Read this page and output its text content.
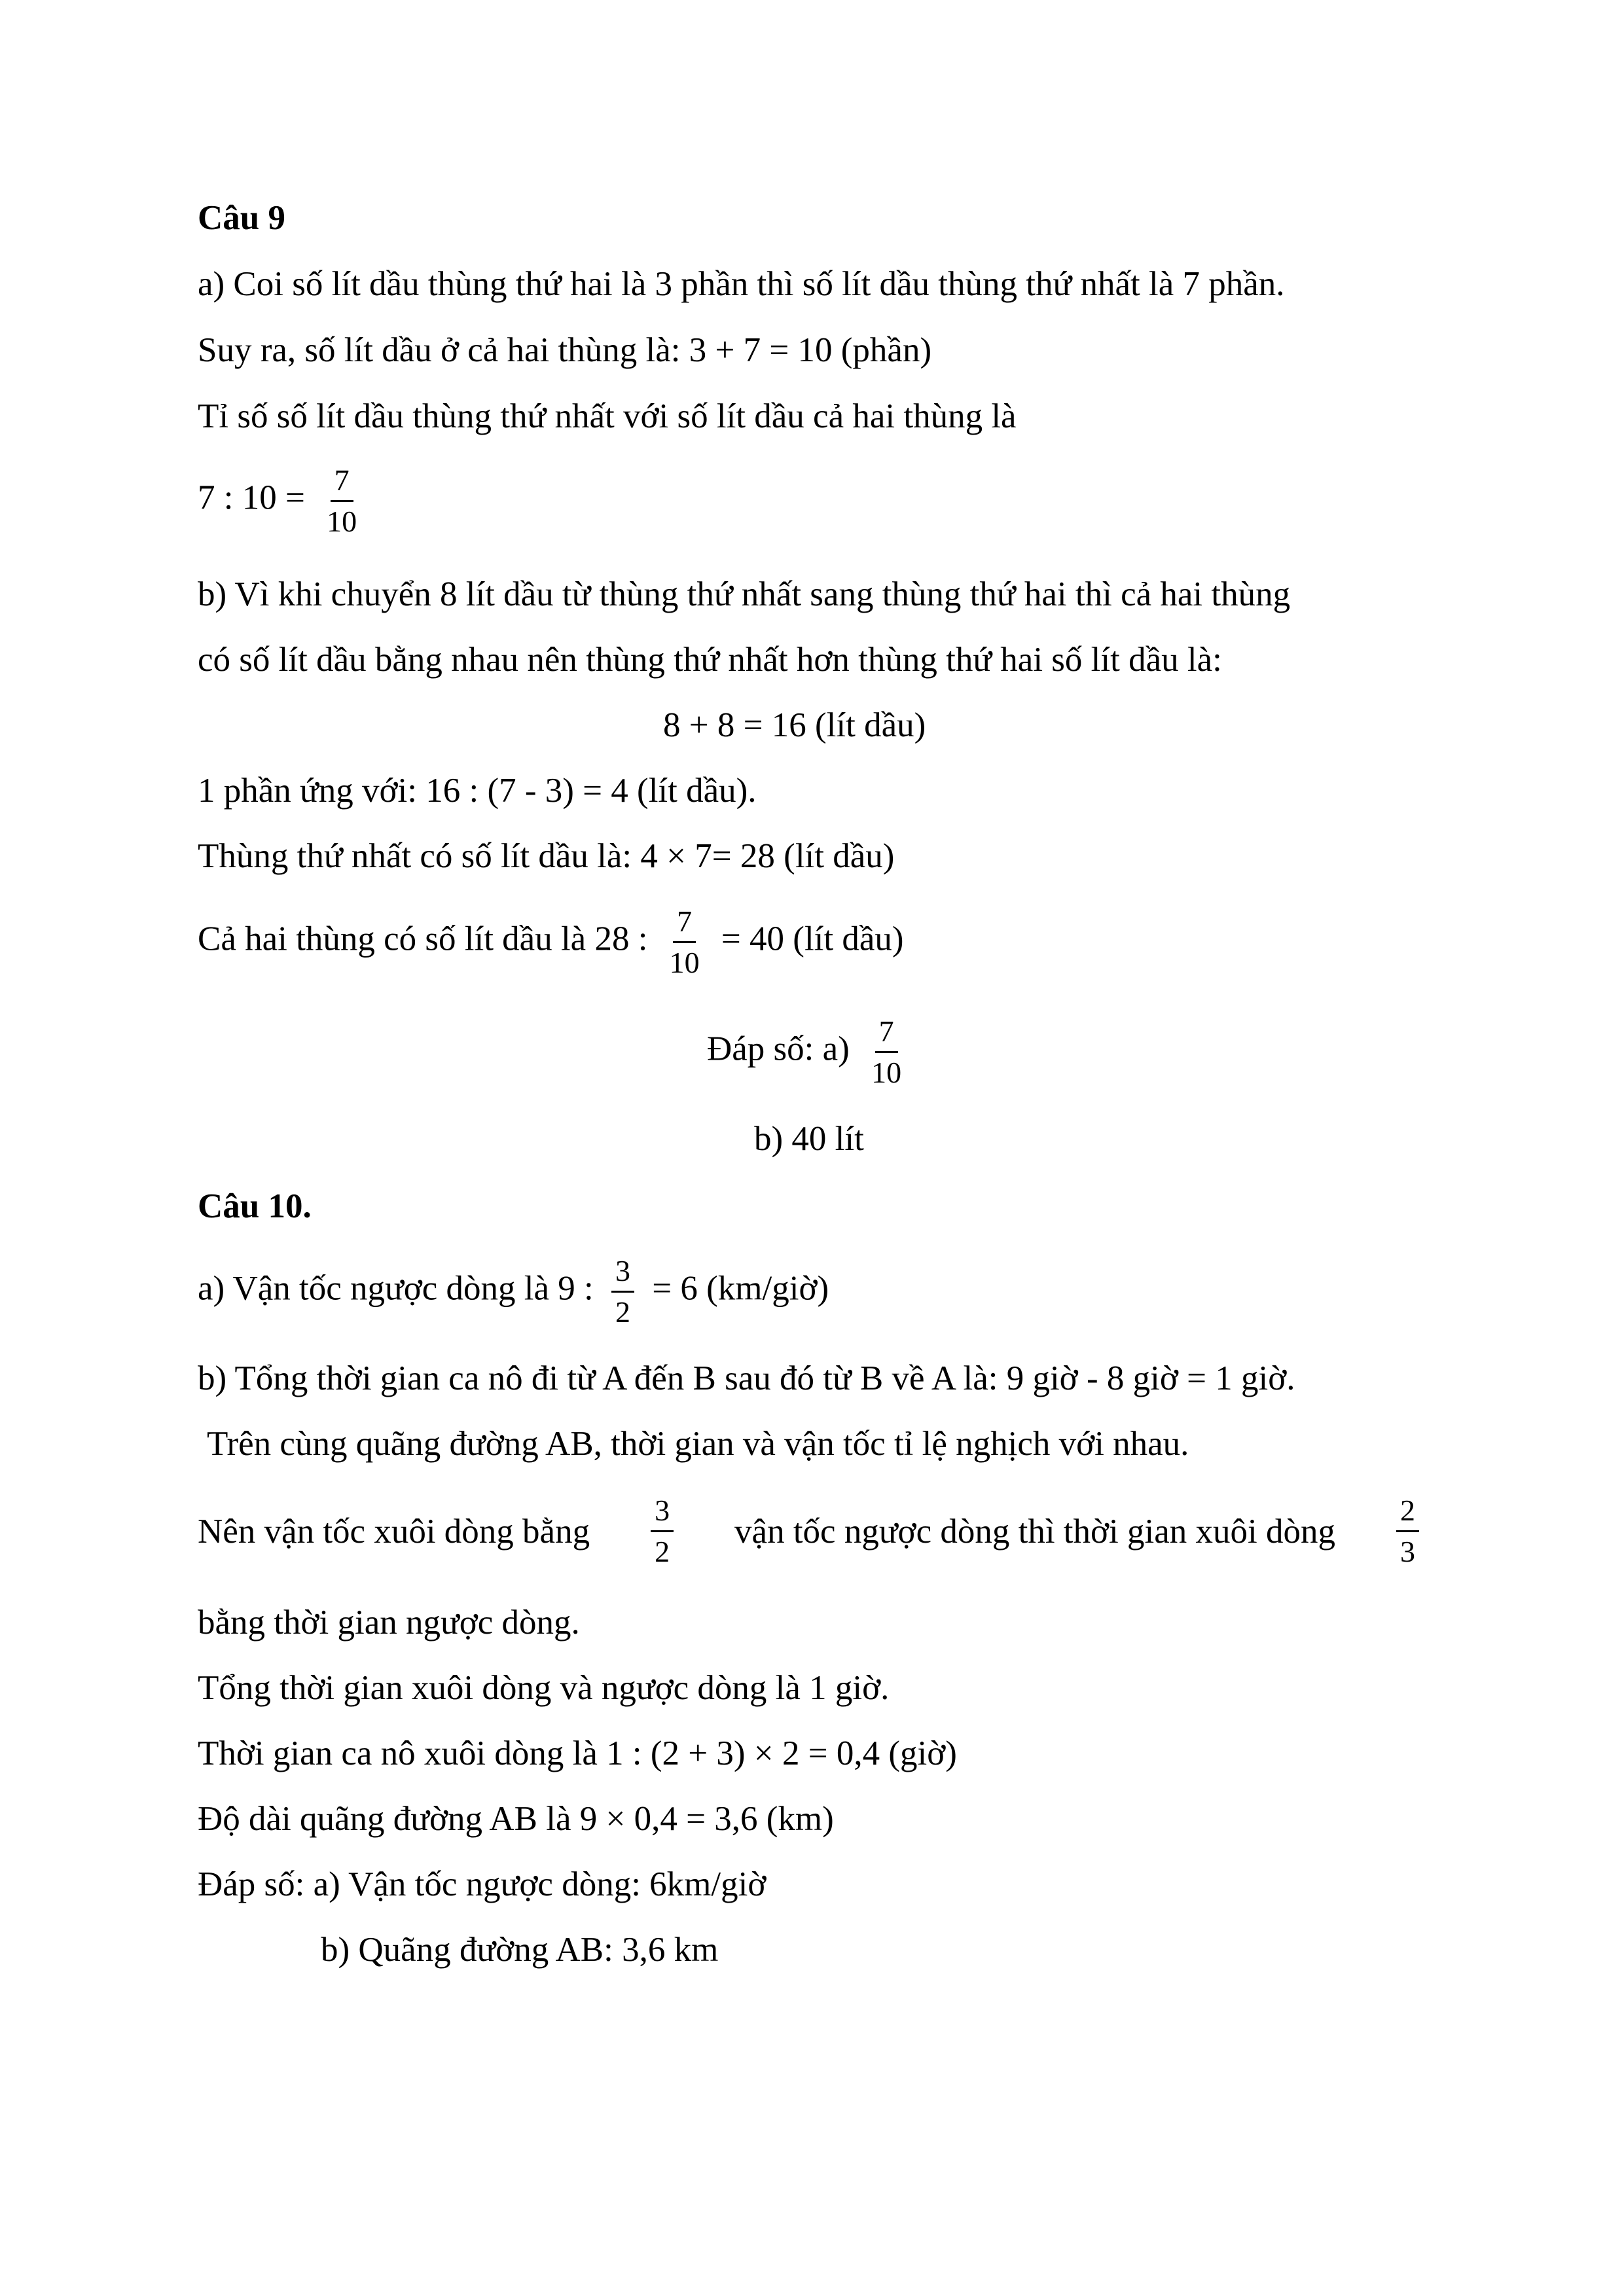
Câu 9
a) Coi số lít dầu thùng thứ hai là 3 phần thì số lít dầu thùng thứ nhất là 7 phần.
Suy ra, số lít dầu ở cả hai thùng là: 3 + 7 = 10 (phần)
Tỉ số số lít dầu thùng thứ nhất với số lít dầu cả hai thùng là
7 : $10 = \frac{7}{10}$
b) Vì khi chuyển 8 lít dầu từ thùng thứ nhất sang thùng thứ hai thì cả hai thùng
có số lít dầu bằng nhau nên thùng thứ nhất hơn thùng thứ hai số lít dầu là:
8 + 8 = 16 (lít dầu)
1 phần ứng với: 16 : (7 - 3) = 4 (lít dầu).
Thùng thứ nhất có số lít dầu là: 4 × 7= 28 (lít dầu)
Cả hai thùng có số lít dầu là 28 : $\frac{7}{10} = 40$ (lít dầu)
Đáp số: $a) \frac{7}{10}$
b) 40 lít
Câu 10.
a) Vận tốc ngược dòng là 9 : $\frac{3}{2} = 6$ (km/giờ)
b) Tổng thời gian ca nô đi từ A đến B sau đó từ B về A là: 9 giờ - 8 giờ = 1 giờ.
Trên cùng quãng đường AB, thời gian và vận tốc tỉ lệ nghịch với nhau.
Nên vận tốc xuôi dòng bằng $\frac{3}{2}$ vận tốc ngược dòng thì thời gian xuôi dòng $\frac{2}{3}$
bằng thời gian ngược dòng.
Tổng thời gian xuôi dòng và ngược dòng là 1 giờ.
Thời gian ca nô xuôi dòng là 1 : (2 + 3) × 2 = 0,4 (giờ)
Độ dài quãng đường AB là 9 × 0,4 = 3,6 (km)
Đáp số: a) Vận tốc ngược dòng: 6km/giờ
b) Quãng đường AB: 3,6 km
